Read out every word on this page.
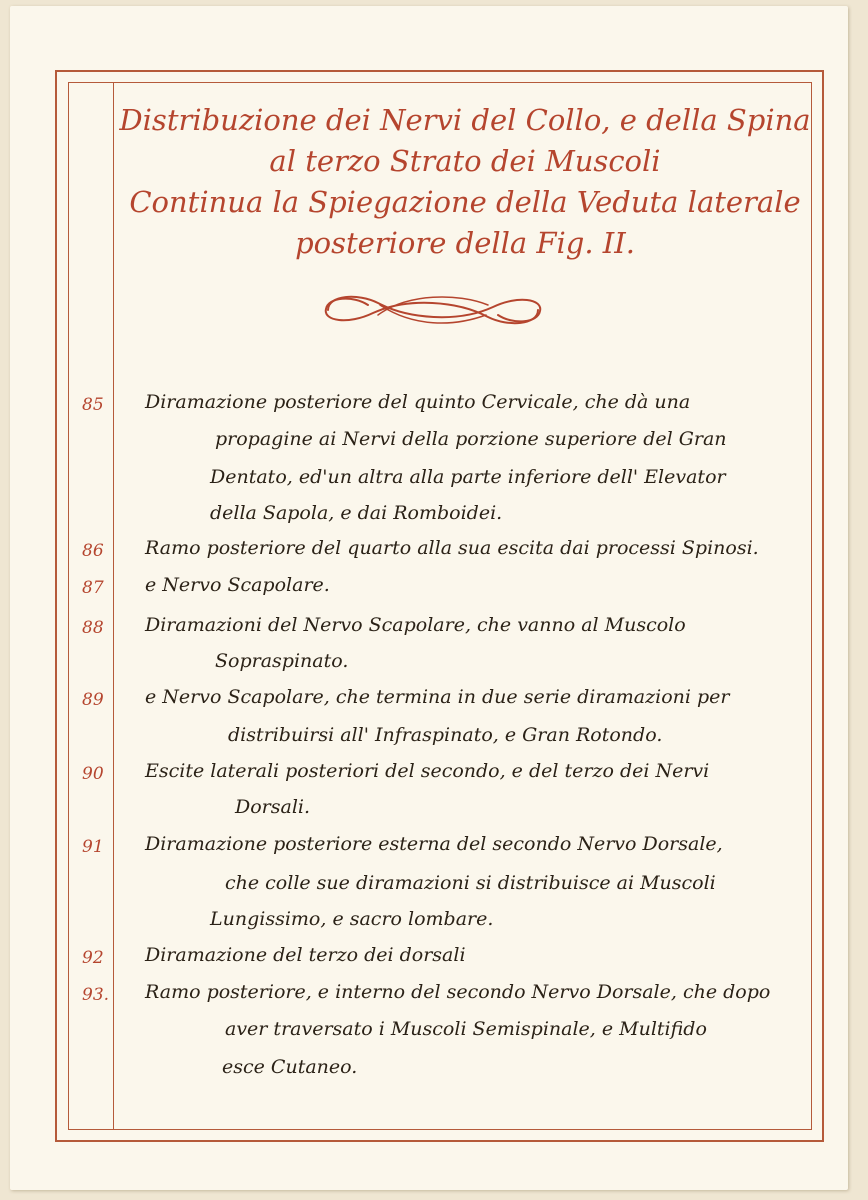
Distribuzione dei Nervi del Collo, e della Spina
al terzo Strato dei Muscoli
Continua la Spiegazione della Veduta laterale
posteriore della Fig. II.
85	Diramazione posteriore del quinto Cervicale, che dà una
propagine ai Nervi della porzione superiore del Gran
Dentato, ed'un altra alla parte inferiore dell' Elevator
della Sapola, e dai Romboidei.
86	Ramo posteriore del quarto alla sua escita dai processi Spinosi.
87	e Nervo Scapolare.
88	Diramazioni del Nervo Scapolare, che vanno al Muscolo
Sopraspinato.
89	e Nervo Scapolare, che termina in due serie diramazioni per
distribuirsi all' Infraspinato, e Gran Rotondo.
90	Escite laterali posteriori del secondo, e del terzo dei Nervi
Dorsali.
91	Diramazione posteriore esterna del secondo Nervo Dorsale,
che colle sue diramazioni si distribuisce ai Muscoli
Lungissimo, e sacro lombare.
92	Diramazione del terzo dei dorsali
93. Ramo posteriore, e interno del secondo Nervo Dorsale, che dopo
aver traversato i Muscoli Semispinale, e Multifido
esce Cutaneo.
